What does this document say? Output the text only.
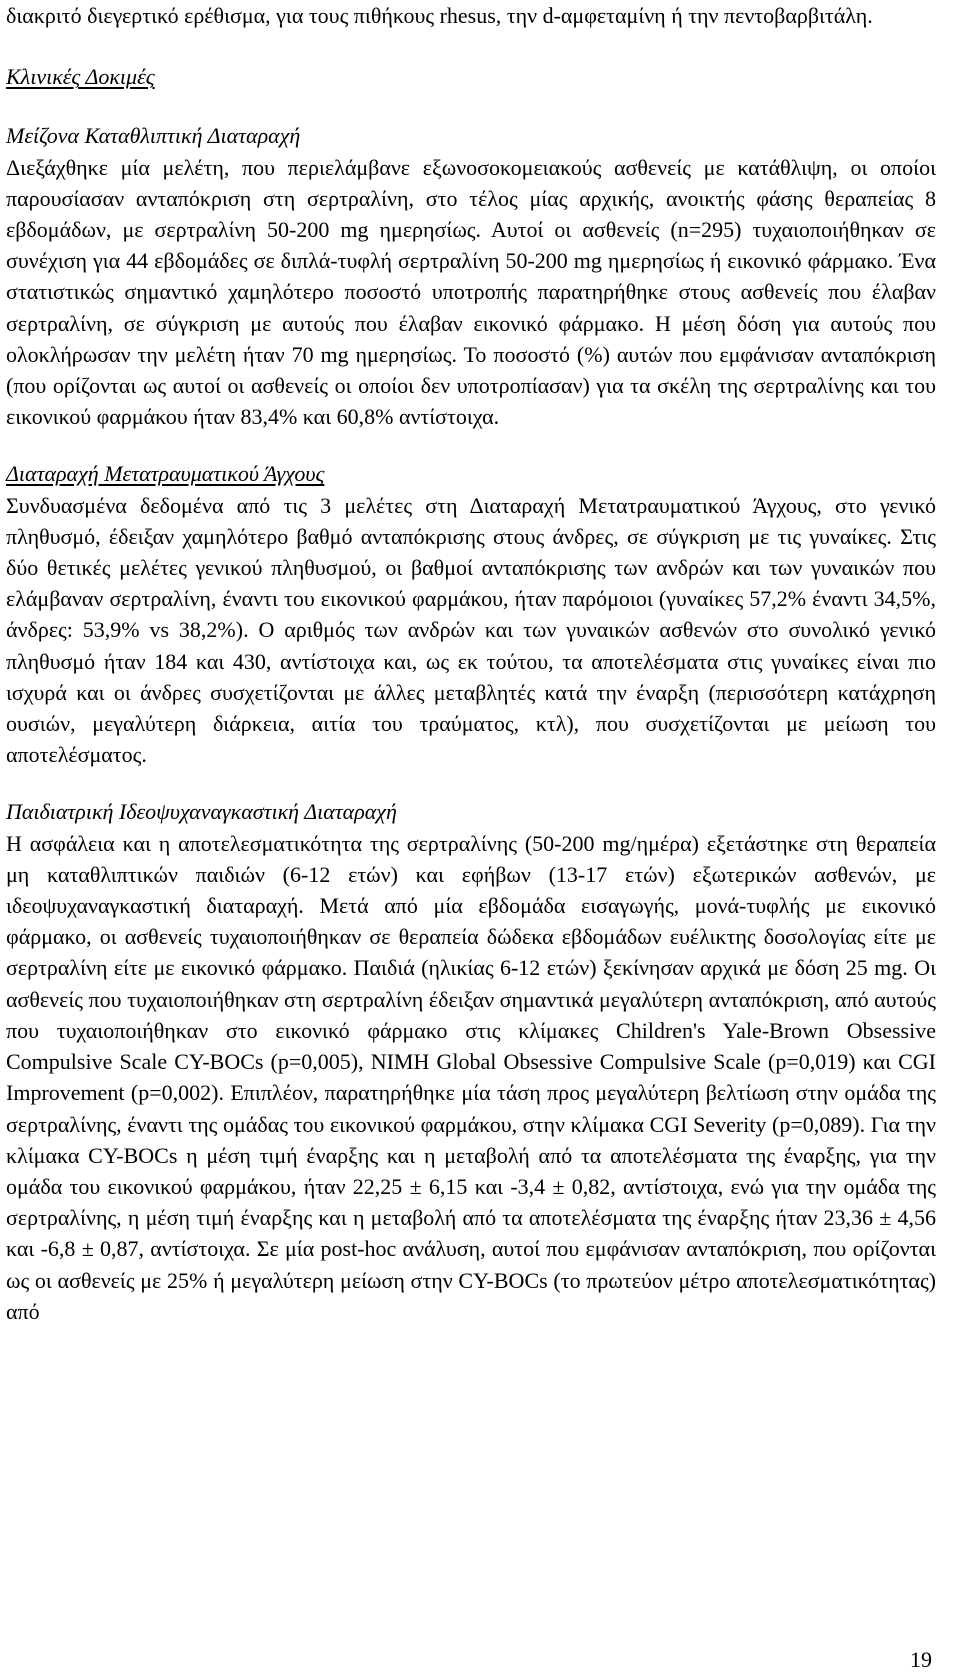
διακριτό διεγερτικό ερέθισμα, για τους πιθήκους rhesus, την d-αμφεταμίνη ή την πεντοβαρβιτάλη.

Κλινικές Δοκιμές

Μείζονα Καταθλιπτική Διαταραχή

Διεξάχθηκε μία μελέτη, που περιελάμβανε εξωνοσοκομειακούς ασθενείς με κατάθλιψη, οι οποίοι παρουσίασαν ανταπόκριση στη σερτραλίνη, στο τέλος μίας αρχικής, ανοικτής φάσης θεραπείας 8 εβδομάδων, με σερτραλίνη 50-200 mg ημερησίως. Αυτοί οι ασθενείς (n=295) τυχαιοποιήθηκαν σε συνέχιση για 44 εβδομάδες σε διπλά-τυφλή σερτραλίνη 50-200 mg ημερησίως ή εικονικό φάρμακο. Ένα στατιστικώς σημαντικό χαμηλότερο ποσοστό υποτροπής παρατηρήθηκε στους ασθενείς που έλαβαν σερτραλίνη, σε σύγκριση με αυτούς που έλαβαν εικονικό φάρμακο. Η μέση δόση για αυτούς που ολοκλήρωσαν την μελέτη ήταν 70 mg ημερησίως. Το ποσοστό (%) αυτών που εμφάνισαν ανταπόκριση (που ορίζονται ως αυτοί οι ασθενείς οι οποίοι δεν υποτροπίασαν) για τα σκέλη της σερτραλίνης και του εικονικού φαρμάκου ήταν 83,4% και 60,8% αντίστοιχα.

Διαταραχή Μετατραυματικού Άγχους

Συνδυασμένα δεδομένα από τις 3 μελέτες στη Διαταραχή Μετατραυματικού Άγχους, στο γενικό πληθυσμό, έδειξαν χαμηλότερο βαθμό ανταπόκρισης στους άνδρες, σε σύγκριση με τις γυναίκες. Στις δύο θετικές μελέτες γενικού πληθυσμού, οι βαθμοί ανταπόκρισης των ανδρών και των γυναικών που ελάμβαναν σερτραλίνη, έναντι του εικονικού φαρμάκου, ήταν παρόμοιοι (γυναίκες 57,2% έναντι 34,5%, άνδρες: 53,9% vs 38,2%). Ο αριθμός των ανδρών και των γυναικών ασθενών στο συνολικό γενικό πληθυσμό ήταν 184 και 430, αντίστοιχα και, ως εκ τούτου, τα αποτελέσματα στις γυναίκες είναι πιο ισχυρά και οι άνδρες συσχετίζονται με άλλες μεταβλητές κατά την έναρξη (περισσότερη κατάχρηση ουσιών, μεγαλύτερη διάρκεια, αιτία του τραύματος, κτλ), που συσχετίζονται με μείωση του αποτελέσματος.

Παιδιατρική Ιδεοψυχαναγκαστική Διαταραχή

Η ασφάλεια και η αποτελεσματικότητα της σερτραλίνης (50-200 mg/ημέρα) εξετάστηκε στη θεραπεία μη καταθλιπτικών παιδιών (6-12 ετών) και εφήβων (13-17 ετών) εξωτερικών ασθενών, με ιδεοψυχαναγκαστική διαταραχή. Μετά από μία εβδομάδα εισαγωγής, μονά-τυφλής με εικονικό φάρμακο, οι ασθενείς τυχαιοποιήθηκαν σε θεραπεία δώδεκα εβδομάδων ευέλικτης δοσολογίας είτε με σερτραλίνη είτε με εικονικό φάρμακο. Παιδιά (ηλικίας 6-12 ετών) ξεκίνησαν αρχικά με δόση 25 mg. Οι ασθενείς που τυχαιοποιήθηκαν στη σερτραλίνη έδειξαν σημαντικά μεγαλύτερη ανταπόκριση, από αυτούς που τυχαιοποιήθηκαν στο εικονικό φάρμακο στις κλίμακες Children's Yale-Brown Obsessive Compulsive Scale CY-BOCs (p=0,005), NIMH Global Obsessive Compulsive Scale (p=0,019) και CGI Improvement (p=0,002). Επιπλέον, παρατηρήθηκε μία τάση προς μεγαλύτερη βελτίωση στην ομάδα της σερτραλίνης, έναντι της ομάδας του εικονικού φαρμάκου, στην κλίμακα CGI Severity (p=0,089). Για την κλίμακα CY-BOCs η μέση τιμή έναρξης και η μεταβολή από τα αποτελέσματα της έναρξης, για την ομάδα του εικονικού φαρμάκου, ήταν 22,25 ± 6,15 και -3,4 ± 0,82, αντίστοιχα, ενώ για την ομάδα της σερτραλίνης, η μέση τιμή έναρξης και η μεταβολή από τα αποτελέσματα της έναρξης ήταν 23,36 ± 4,56 και -6,8 ± 0,87, αντίστοιχα. Σε μία post-hoc ανάλυση, αυτοί που εμφάνισαν ανταπόκριση, που ορίζονται ως οι ασθενείς με 25% ή μεγαλύτερη μείωση στην CY-BOCs (το πρωτεύον μέτρο αποτελεσματικότητας) από

19
